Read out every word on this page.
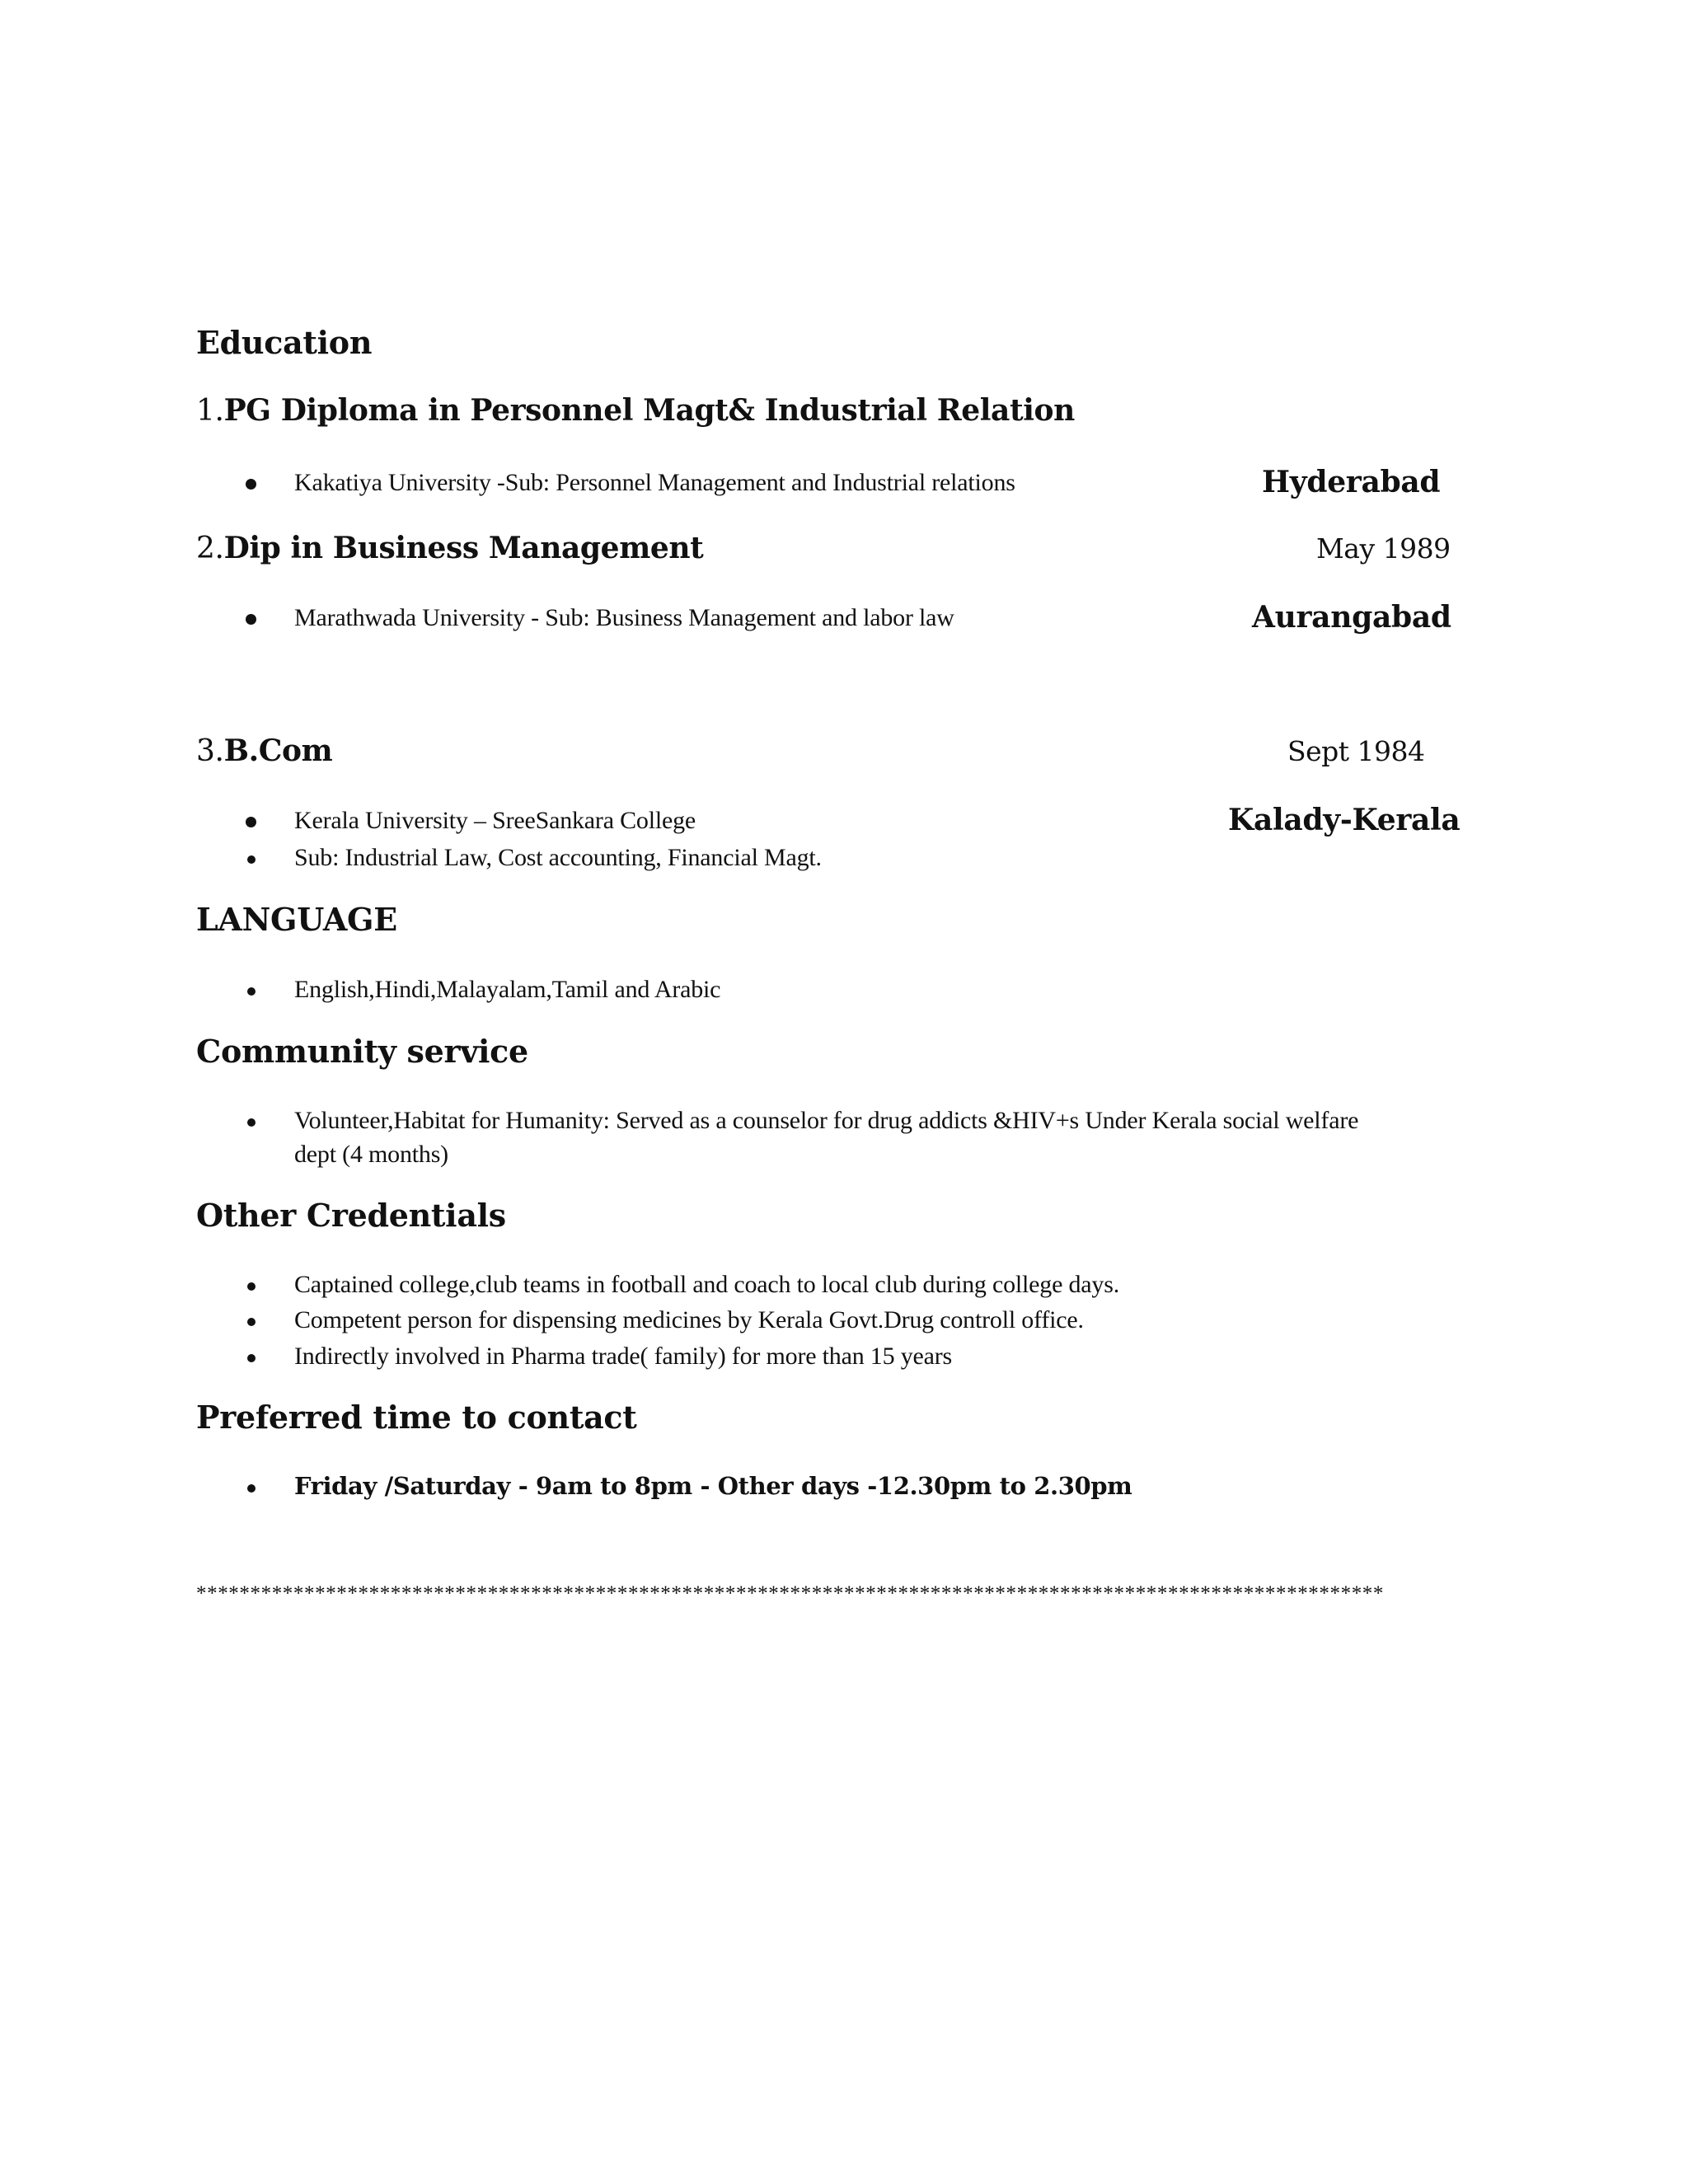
Education
1.PG Diploma in Personnel Magt& Industrial Relation
Kakatiya University -Sub: Personnel Management and Industrial relations	Hyderabad
2.Dip in Business Management	May 1989
Marathwada University - Sub: Business Management and labor law	Aurangabad
3.B.Com	Sept 1984
Kerala University – SreeSankara College	Kalady-Kerala
Sub: Industrial Law, Cost accounting, Financial Magt.
LANGUAGE
English,Hindi,Malayalam,Tamil and Arabic
Community service
Volunteer,Habitat for Humanity: Served as a counselor for drug addicts &HIV+s Under Kerala social welfare
dept (4 months)
Other Credentials
Captained college,club teams in football and coach to local club during college days.
Competent person for dispensing medicines by Kerala Govt.Drug controll office.
Indirectly involved in Pharma trade( family) for more than 15 years
Preferred time to contact
Friday /Saturday - 9am to 8pm - Other days -12.30pm to 2.30pm
**************************************************************************************************************
